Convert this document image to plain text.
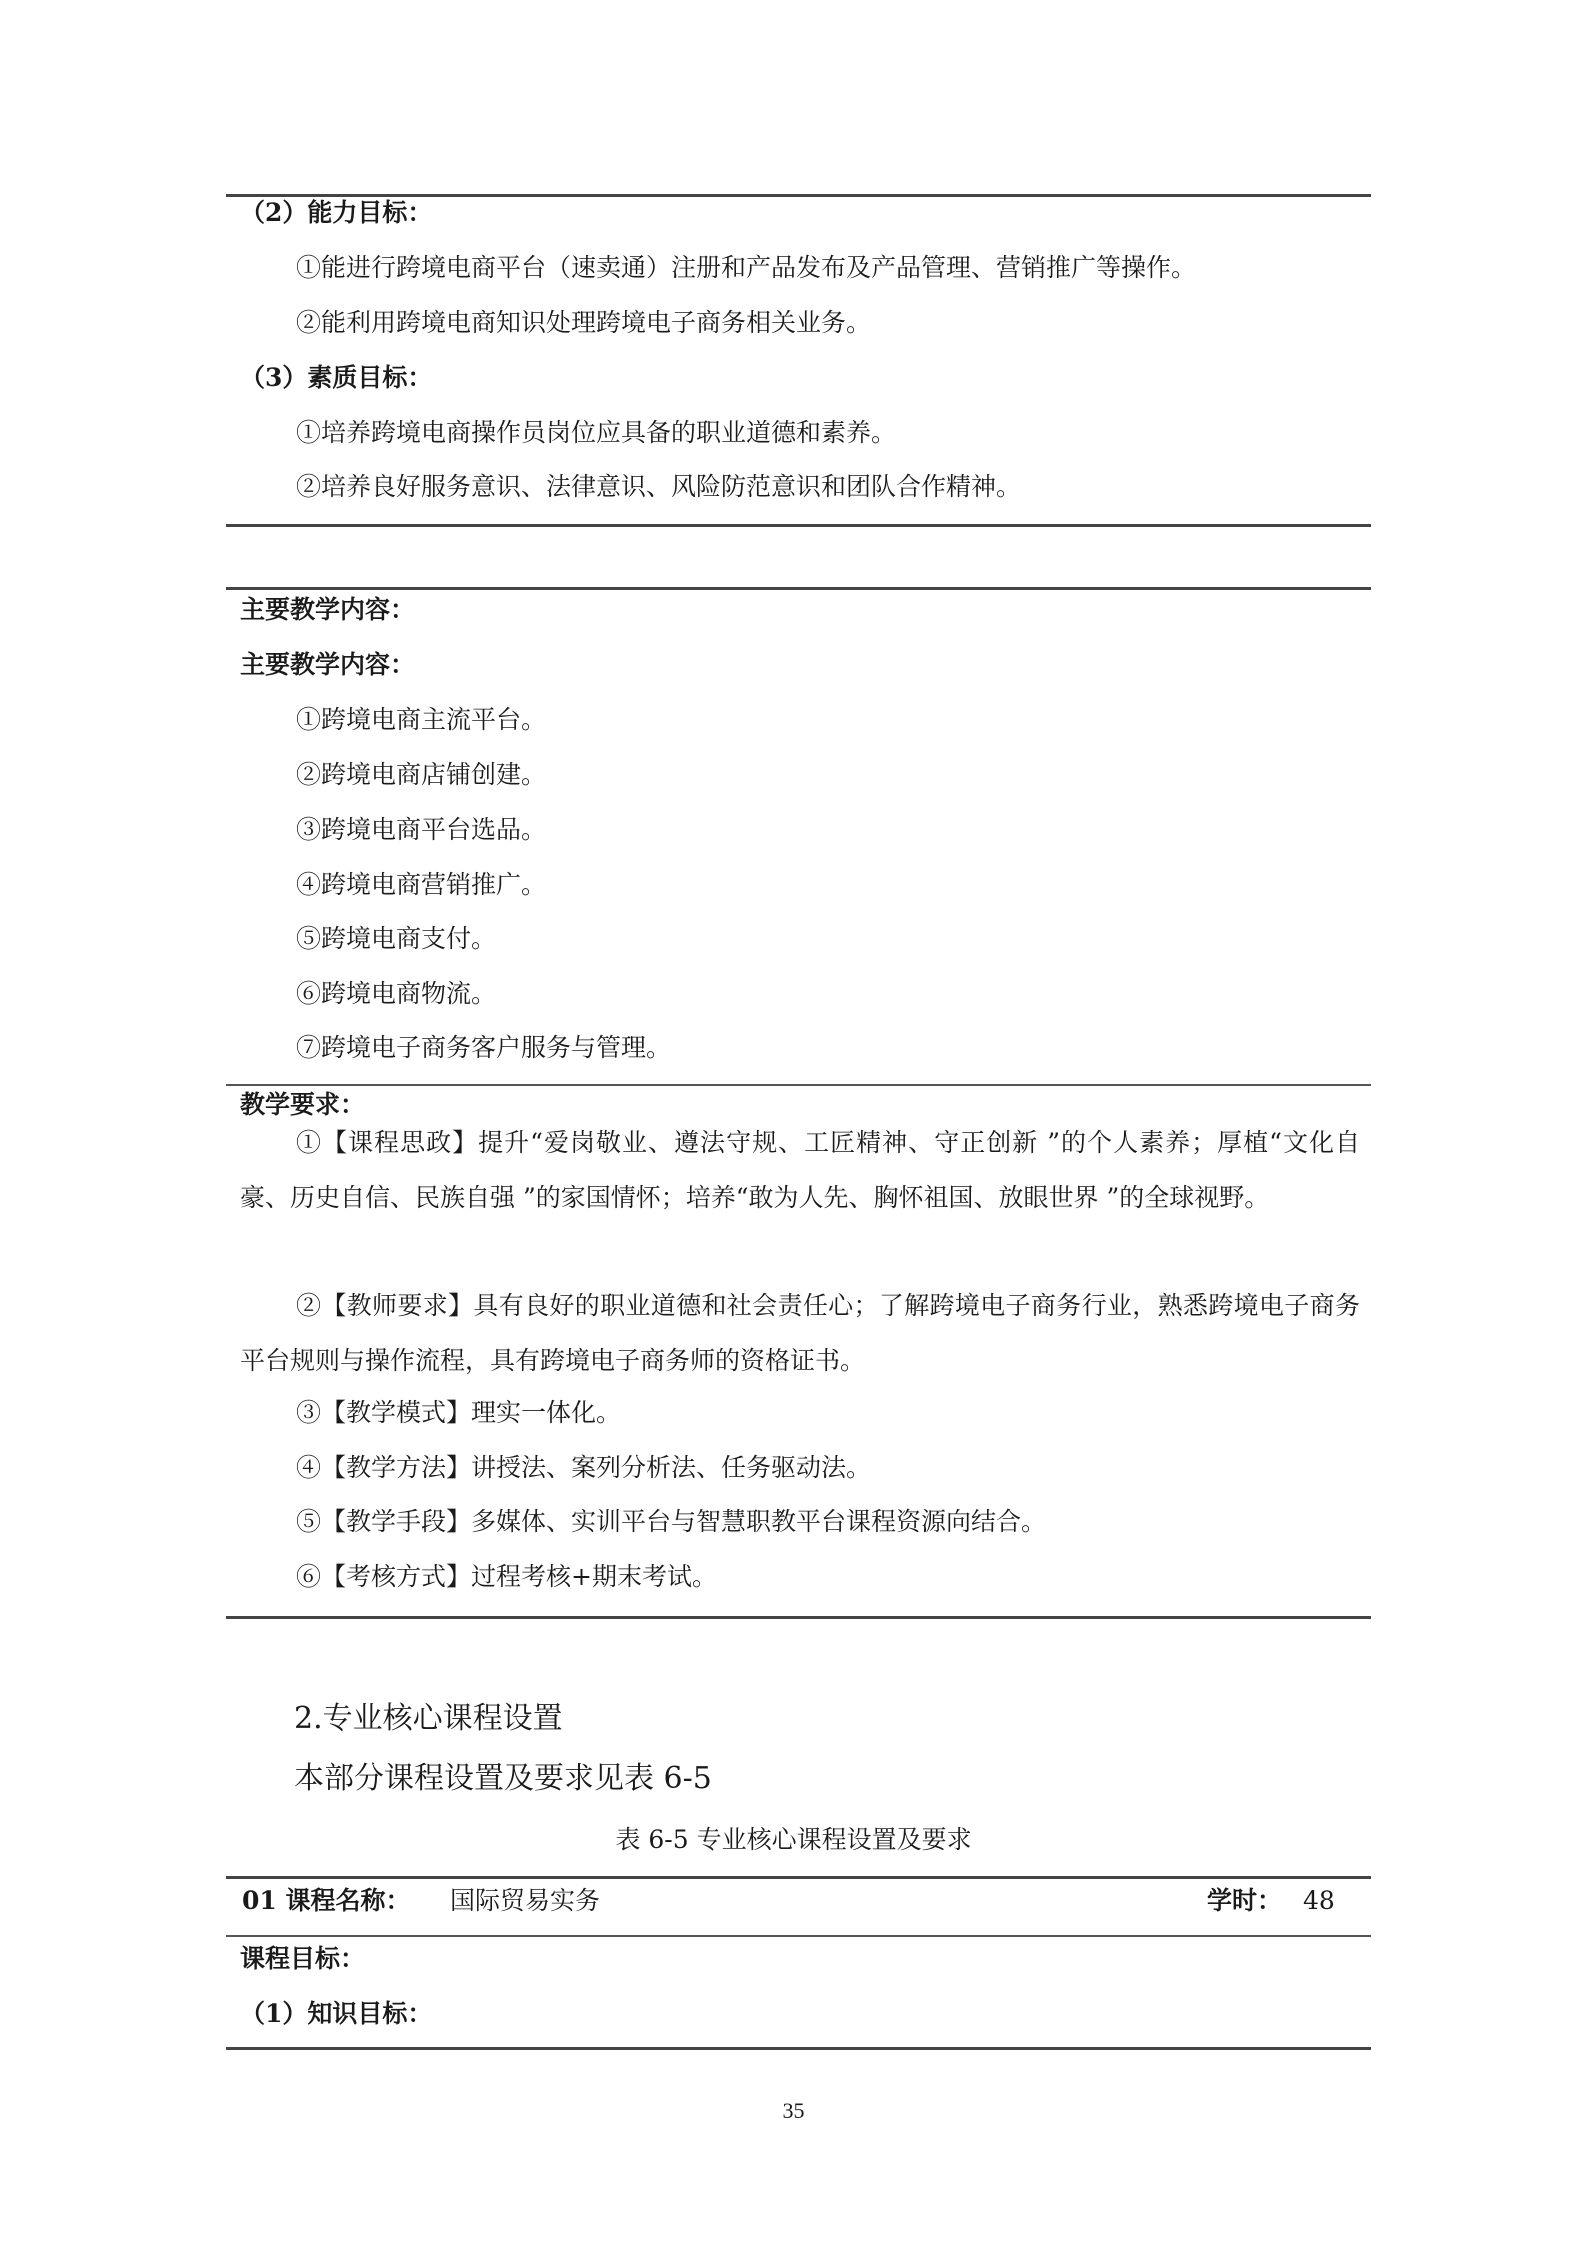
（2）能力目标：
①能进行跨境电商平台（速卖通）注册和产品发布及产品管理、营销推广等操作。
②能利用跨境电商知识处理跨境电子商务相关业务。
（3）素质目标：
①培养跨境电商操作员岗位应具备的职业道德和素养。
②培养良好服务意识、法律意识、风险防范意识和团队合作精神。
主要教学内容：
主要教学内容：
①跨境电商主流平台。
②跨境电商店铺创建。
③跨境电商平台选品。
④跨境电商营销推广。
⑤跨境电商支付。
⑥跨境电商物流。
⑦跨境电子商务客户服务与管理。
教学要求：
①【课程思政】提升“爱岗敬业、遵法守规、工匠精神、守正创新 ”的个人素养；厚植“文化自豪、历史自信、民族自强 ”的家国情怀；培养“敢为人先、胸怀祖国、放眼世界 ”的全球视野。
②【教师要求】具有良好的职业道德和社会责任心；了解跨境电子商务行业，熟悉跨境电子商务平台规则与操作流程，具有跨境电子商务师的资格证书。
③【教学模式】理实一体化。
④【教学方法】讲授法、案列分析法、任务驱动法。
⑤【教学手段】多媒体、实训平台与智慧职教平台课程资源向结合。
⑥【考核方式】过程考核+期末考试。
2.专业核心课程设置
本部分课程设置及要求见表 6-5
表 6-5 专业核心课程设置及要求
01 课程名称： 国际贸易实务	学时： 48
课程目标：
（1）知识目标：
35
